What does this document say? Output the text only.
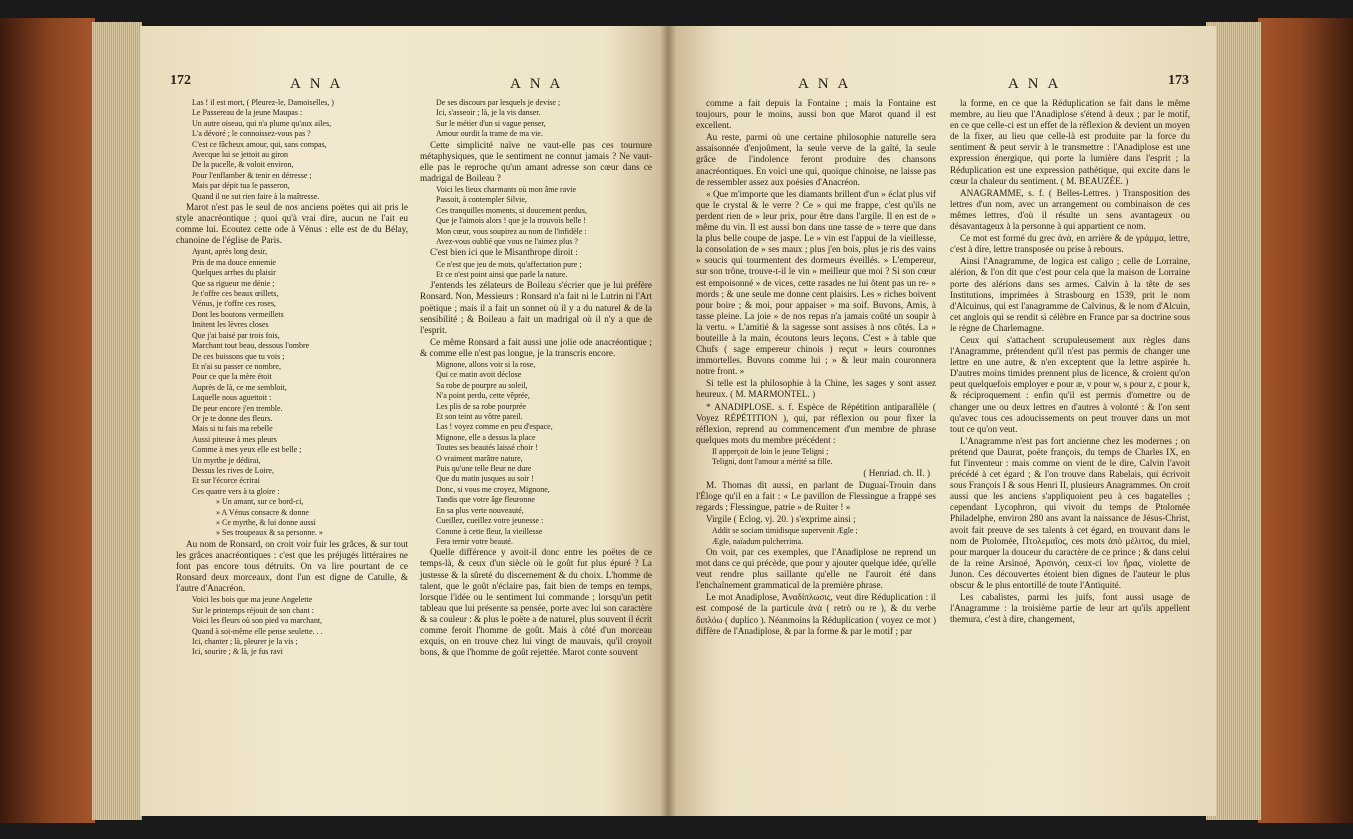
172	A N A	A N A

Las ! il est mort, ( Pleurez-le, Damoiselles, )

Le Passereau de la jeune Maupas :

Un autre oiseau, qui n'a plume qu'aux ailes,

L'a dévoré ; le connoissez-vous pas ?

C'est ce fâcheux amour, qui, sans compas,

Avecque lui se jettoit au giron

De la pucelle, & voloit environ,

Pour l'enflamber & tenir en détresse ;

Mais par dépit tua le passeron,

Quand il ne sut rien faire à la maîtresse.

Marot n'est pas le seul de nos anciens poëtes qui ait pris le style anacréontique ; quoi qu'à vrai dire, aucun ne l'ait eu comme lui. Ecoutez cette ode à Vénus : elle est de du Bélay, chanoine de l'église de Paris.

Ayant, après long desir,

Pris de ma douce ennemie

Quelques arrhes du plaisir

Que sa rigueur me dénie ;

Je t'offre ces beaux œillets,

Vénus, je t'offre ces roses,

Dont les boutons vermeillets

Imitent les lèvres closes

Que j'ai baisé par trois fois,

Marchant tout beau, dessous l'ombre

De ces buissons que tu vois ;

Et n'ai su passer ce nombre,

Pour ce que la mère étoit

Auprès de là, ce me sembloit,

Laquelle nous aguettoit :

De peur encore j'en tremble.

Or je te donne des fleurs.

Mais si tu fais ma rebelle

Aussi piteuse à mes pleurs

Comme à mes yeux elle est belle ;

Un myrthe je dédirai,

Dessus les rives de Loire,

Et sur l'écorce écrirai

Ces quatre vers à ta gloire :

» Un amant, sur ce bord-ci,

» A Vénus consacre & donne

» Ce myrthe, & lui donne aussi

» Ses troupeaux & sa personne. »

Au nom de Ronsard, on croit voir fuir les grâces, & sur tout les grâces anacréontiques : c'est que les préjugés littéraires ne font pas encore tous détruits. On va lire pourtant de ce Ronsard deux morceaux, dont l'un est digne de Catulle, & l'autre d'Anacréon.

Voici les bois que ma jeune Angelette

Sur le printemps réjouit de son chant :

Voici les fleurs où son pied va marchant,

Quand à soi-même elle pense seulette. . .

Ici, chanter ; là, pleurer je la vis ;

Ici, sourire ; & là, je fus ravi

De ses discours par lesquels je devise ;

Ici, s'asseoir ; là, je la vis danser.

Sur le métier d'un si vague penser,

Amour ourdit la trame de ma vie.

Cette simplicité naïve ne vaut-elle pas ces tournure métaphysiques, que le sentiment ne connut jamais ? Ne vaut-elle pas le reproche qu'un amant adresse son cœur dans ce madrigal de Boileau ?

Voici les lieux charmants où mon âme ravie

Passoit, à contempler Silvie,

Ces tranquilles moments, si doucement perdus,

Que je l'aimois alors ! que je la trouvois belle !

Mon cœur, vous soupirez au nom de l'infidèle :

Avez-vous oublié que vous ne l'aimez plus ?

C'est bien ici que le Misanthrope diroit :

Ce n'est que jeu de mots, qu'affectation pure ;

Et ce n'est point ainsi que parle la nature.

J'entends les zélateurs de Boileau s'écrier que je lui préfère Ronsard. Non, Messieurs : Ronsard n'a fait ni le Lutrin ni l'Art poëtique ; mais il a fait un sonnet où il y a du naturel & de la sensibilité ; & Boileau a fait un madrigal où il n'y a que de l'esprit.

Ce même Ronsard a fait aussi une jolie ode anacréontique ; & comme elle n'est pas longue, je la transcris encore.

Mignone, allons voir si la rose,

Qui ce matin avoit déclose

Sa robe de pourpre au soleil,

N'a point perdu, cette vêprée,

Les plis de sa robe pourprée

Et son teint au vôtre pareil.

Las ! voyez comme en peu d'espace,

Mignone, elle a dessus la place

Toutes ses beautés laissé choir !

O vraiment marâtre nature,

Puis qu'une telle fleur ne dure

Que du matin jusques au soir !

Donc, si vous me croyez, Mignone,

Tandis que votre âge fleuronne

En sa plus verte nouveauté,

Cueillez, cueillez votre jeunesse :

Comme à cette fleur, la vieillesse

Fera ternir votre beauté.

Quelle différence y avoit-il donc entre les poëtes de ce temps-là, & ceux d'un siècle où le goût fut plus épuré ? La justesse & la sûreté du discernement & du choix. L'homme de talent, que le goût n'éclaire pas, fait bien de temps en temps, lorsque l'idée ou le sentiment lui commande ; lorsqu'un petit tableau que lui présente sa pensée, porte avec lui son caractère & sa couleur : & plus le poëte a de naturel, plus souvent il écrit comme feroit l'homme de goût. Mais à côté d'un morceau exquis, on en trouve chez lui vingt de mauvais, qu'il croyoit bons, & que l'homme de goût rejettée. Marot conte souvent

A N A	A N A	173

comme a fait depuis la Fontaine ; mais la Fontaine est toujours, pour le moins, aussi bon que Marot quand il est excellent.

Au reste, parmi où une certaine philosophie naturelle sera assaisonnée d'enjoûment, la seule verve de la gaîté, la seule grâce de l'indolence feront produire des chansons anacréontiques. En voici une qui, quoique chinoise, ne laisse pas de ressembler assez aux poésies d'Anacréon.

« Que m'importe que les diamants brillent d'un » éclat plus vif que le crystal & le verre ? Ce » qui me frappe, c'est qu'ils ne perdent rien de » leur prix, pour être dans l'argile. Il en est de » même du vin. Il est aussi bon dans une tasse de » terre que dans la plus belle coupe de jaspe. Le » vin est l'appui de la vieillesse, la consolation de » ses maux ; plus j'en bois, plus je ris des vains » soucis qui tourmentent des dormeurs éveillés. » L'empereur, sur son trône, trouve-t-il le vin » meilleur que moi ? Si son cœur est empoisonné » de vices, cette rasades ne lui ôtent pas un re- » mords ; & une seule me donne cent plaisirs. Les » riches boivent pour boire ; & moi, pour appaiser » ma soif. Buvons, Amis, à tasse pleine. La joie » de nos repas n'a jamais coûté un soupir à la vertu. » L'amitié & la sagesse sont assises à nos côtés. La » bouteille à la main, écoutons leurs leçons. C'est » à table que Chufs ( sage empereur chinois ) reçut » leurs couronnes immortelles. Buvons comme lui ; » & leur main couronnera notre front. »

Si telle est la philosophie à la Chine, les sages y sont assez heureux. ( M. MARMONTEL. )

* ANADIPLOSE. s. f. Espèce de Répétition antiparallèle ( Voyez RÉPÉTITION ), qui, par réflexion ou pour fixer la réflexion, reprend au commencement d'un membre de phrase quelques mots du membre précédent :

Il apperçoit de loin le jeune Teligni ;

Teligni, dont l'amour a mérité sa fille.

( Henriad. ch. II. )

M. Thomas dit aussi, en parlant de Duguai-Trouin dans l'Éloge qu'il en a fait : « Le pavillon de Flessingue a frappé ses regards ; Flessingue, patrie » de Ruiter ! »

Virgile ( Eclog. vj. 20. ) s'exprime ainsi ;

Addit se sociam timidisque supervenit Ægle ;

Ægle, naïadum pulcherrima.

On voit, par ces exemples, que l'Anadiplose ne reprend un mot dans ce qui précède, que pour y ajouter quelque idée, qu'elle veut rendre plus saillante qu'elle ne l'auroit été dans l'enchaînement grammatical de la première phrase.

Le mot Anadiplose, Ἀναδίπλωσις, veut dire Réduplication : il est composé de la particule ἀνὰ ( retrò ou re ), & du verbe διπλόω ( duplico ). Néanmoins la Réduplication ( voyez ce mot ) diffère de l'Anadiplose, & par la forme & par le motif ; par

la forme, en ce que la Réduplication se fait dans le même membre, au lieu que l'Anadiplose s'étend à deux ; par le motif, en ce que celle-ci est un effet de la réflexion & devient un moyen de la fixer, au lieu que celle-là est produite par la force du sentiment & peut servir à le transmettre : l'Anadiplose est une expression énergique, qui porte la lumière dans l'esprit ; la Réduplication est une expression pathétique, qui excite dans le cœur la chaleur du sentiment. ( M. BEAUZÉE. )

ANAGRAMME, s. f. ( Belles-Lettres. ) Transposition des lettres d'un nom, avec un arrangement ou combinaison de ces mêmes lettres, d'où il résulte un sens avantageux ou désavantageux à la personne à qui appartient ce nom.

Ce mot est formé du grec ἀνὰ, en arrière & de γράμμα, lettre, c'est à dire, lettre transposée ou prise à rebours.

Ainsi l'Anagramme, de logica est caligo ; celle de Lorraine, alérion, & l'on dit que c'est pour cela que la maison de Lorraine porte des alérions dans ses armes. Calvin à la tête de ses Institutions, imprimées à Strasbourg en 1539, prit le nom d'Alcuinus, qui est l'anagramme de Calvinus, & le nom d'Alcuin, cet anglois qui se rendit si célèbre en France par sa doctrine sous le règne de Charlemagne.

Ceux qui s'attachent scrupuleusement aux règles dans l'Anagramme, prétendent qu'il n'est pas permis de changer une lettre en une autre, & n'en exceptent que la lettre aspirée h. D'autres moins timides prennent plus de licence, & croient qu'on peut quelquefois employer e pour æ, v pour w, s pour z, c pour k, & réciproquement : enfin qu'il est permis d'omettre ou de changer une ou deux lettres en d'autres à volonté : & l'on sent qu'avec tous ces adoucissements on peut trouver dans un mot tout ce qu'on veut.

L'Anagramme n'est pas fort ancienne chez les modernes ; on prétend que Daurat, poëte françois, du temps de Charles IX, en fut l'inventeur : mais comme on vient de le dire, Calvin l'avoit précédé à cet égard ; & l'on trouve dans Rabelais, qui écrivoit sous François I & sous Henri II, plusieurs Anagrammes. On croit aussi que les anciens s'appliquoient peu à ces bagatelles ; cependant Lycophron, qui vivoit du temps de Ptolomée Philadelphe, environ 280 ans avant la naissance de Jésus-Christ, avoit fait preuve de ses talents à cet égard, en trouvant dans le nom de Ptolomée, Πτολεμαῖος, ces mots ἀπὸ μέλιτος, du miel, pour marquer la douceur du caractère de ce prince ; & dans celui de la reine Arsinoé, Ἀρσινόη, ceux-ci ἴον ἥρας, violette de Junon. Ces découvertes étoient bien dignes de l'auteur le plus obscur & le plus entortillé de toute l'Antiquité.

Les cabalistes, parmi les juifs, font aussi usage de l'Anagramme : la troisième partie de leur art qu'ils appellent themura, c'est à dire, changement,
